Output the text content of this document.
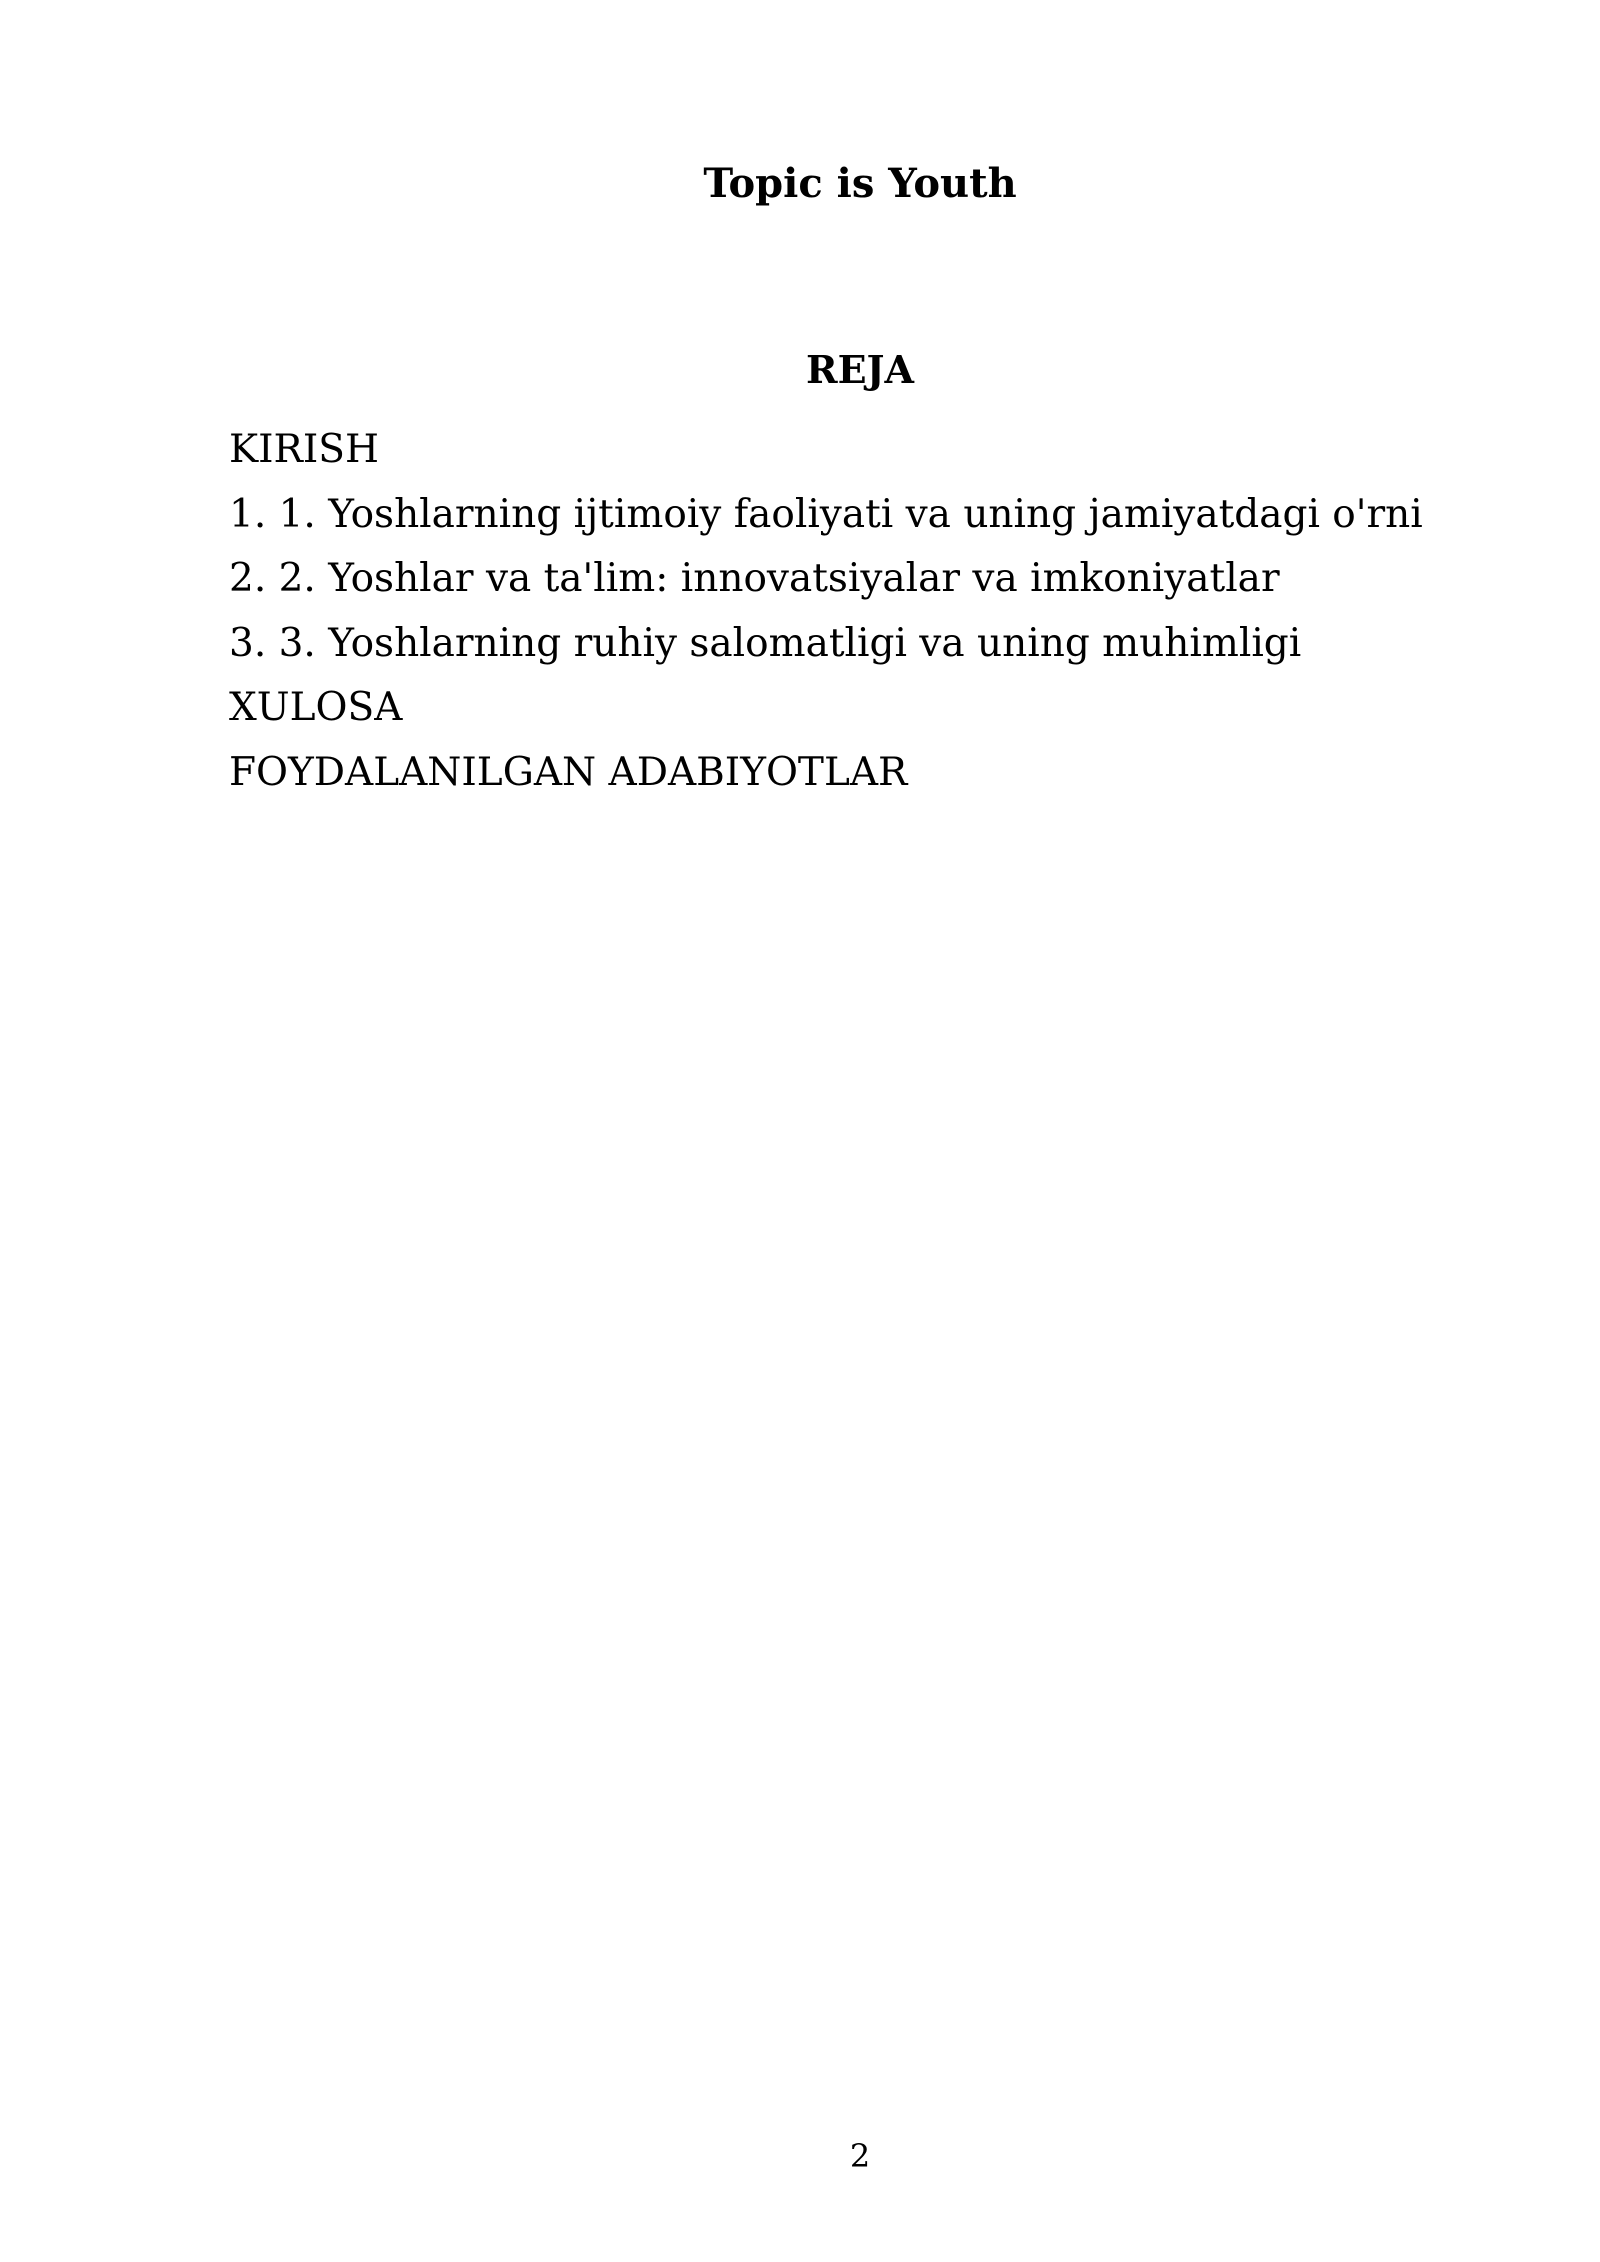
Topic is Youth
REJA
KIRISH
1. 1. Yoshlarning ijtimoiy faoliyati va uning jamiyatdagi o'rni
2. 2. Yoshlar va ta'lim: innovatsiyalar va imkoniyatlar
3. 3. Yoshlarning ruhiy salomatligi va uning muhimligi
XULOSA
FOYDALANILGAN ADABIYOTLAR
2
